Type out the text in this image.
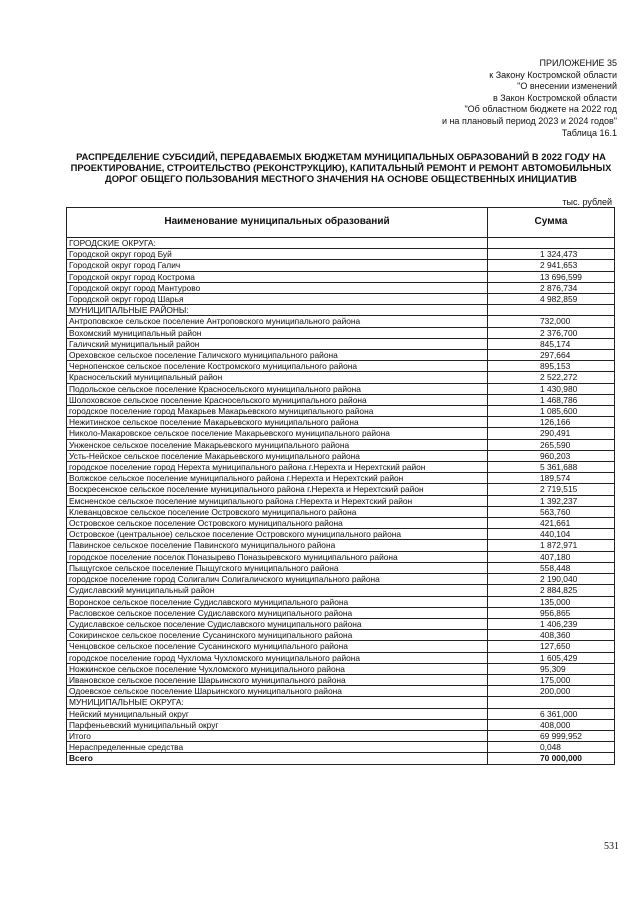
ПРИЛОЖЕНИЕ 35
к Закону Костромской области
"О внесении изменений
в Закон Костромской области
"Об областном бюджете на 2022 год
и на плановый период 2023 и 2024 годов"
Таблица 16.1
РАСПРЕДЕЛЕНИЕ СУБСИДИЙ, ПЕРЕДАВАЕМЫХ БЮДЖЕТАМ МУНИЦИПАЛЬНЫХ ОБРАЗОВАНИЙ В 2022 ГОДУ НА ПРОЕКТИРОВАНИЕ, СТРОИТЕЛЬСТВО (РЕКОНСТРУКЦИЮ), КАПИТАЛЬНЫЙ РЕМОНТ И РЕМОНТ АВТОМОБИЛЬНЫХ ДОРОГ ОБЩЕГО ПОЛЬЗОВАНИЯ МЕСТНОГО ЗНАЧЕНИЯ НА ОСНОВЕ ОБЩЕСТВЕННЫХ ИНИЦИАТИВ
тыс. рублей
Наименование муниципальных образований	Сумма
ГОРОДСКИЕ ОКРУГА:	
Городской округ город Буй	1 324,473
Городской округ город Галич	2 941,653
Городской округ город Кострома	13 696,599
Городской округ город Мантурово	2 876,734
Городской округ город Шарья	4 982,859
МУНИЦИПАЛЬНЫЕ РАЙОНЫ:	
Антроповское сельское поселение Антроповского муниципального района	732,000
Вохомский муниципальный район	2 376,700
Галичский муниципальный район	845,174
Ореховское сельское поселение Галичского муниципального района	297,664
Чернопенское сельское поселение Костромского муниципального района	895,153
Красносельский муниципальный район	2 522,272
Подольское сельское поселение Красносельского муниципального района	1 430,980
Шолоховское сельское поселение Красносельского муниципального района	1 468,786
городское поселение город Макарьев Макарьевского муниципального района	1 085,600
Нежитинское сельское поселение Макарьевского муниципального района	126,166
Николо-Макаровское сельское поселение Макарьевского муниципального района	290,491
Унженское сельское поселение Макарьевского муниципального района	265,590
Усть-Нейское сельское поселение Макарьевского муниципального района	960,203
городское поселение город Нерехта муниципального района г.Нерехта и Нерехтский район	5 361,688
Волжское сельское поселение муниципального района г.Нерехта и Нерехтский район	189,574
Воскресенское сельское поселение муниципального района г.Нерехта и Нерехтский район	2 719,515
Емсненское сельское поселение муниципального района г.Нерехта и Нерехтский район	1 392,237
Клеванцовское сельское поселение Островского муниципального района	563,760
Островское сельское поселение Островского муниципального района	421,661
Островское (центральное) сельское поселение Островского муниципального района	440,104
Павинское сельское поселение Павинского муниципального района	1 872,971
городское поселение поселок Поназырево Поназыревского муниципального района	407,180
Пыщугское сельское поселение Пыщугского муниципального района	558,448
городское поселение город Солигалич Солигаличского муниципального района	2 190,040
Судиславский муниципальный район	2 884,825
Воронское сельское поселение Судиславского муниципального района	135,000
Расловское сельское поселение Судиславского муниципального района	956,865
Судиславское сельское поселение Судиславского муниципального района	1 406,239
Сокиринское сельское поселение Сусанинского муниципального района	408,360
Ченцовское сельское поселение Сусанинского муниципального района	127,650
городское поселение город Чухлома Чухломского муниципального района	1 605,429
Ножкинское сельское поселение Чухломского муниципального района	95,309
Ивановское сельское поселение Шарьинского муниципального района	175,000
Одоевское сельское поселение Шарьинского муниципального района	200,000
МУНИЦИПАЛЬНЫЕ ОКРУГА:	
Нейский муниципальный округ	6 361,000
Парфеньевский муниципальный округ	408,000
Итого	69 999,952
Нераспределенные средства	0,048
Всего	70 000,000
531
